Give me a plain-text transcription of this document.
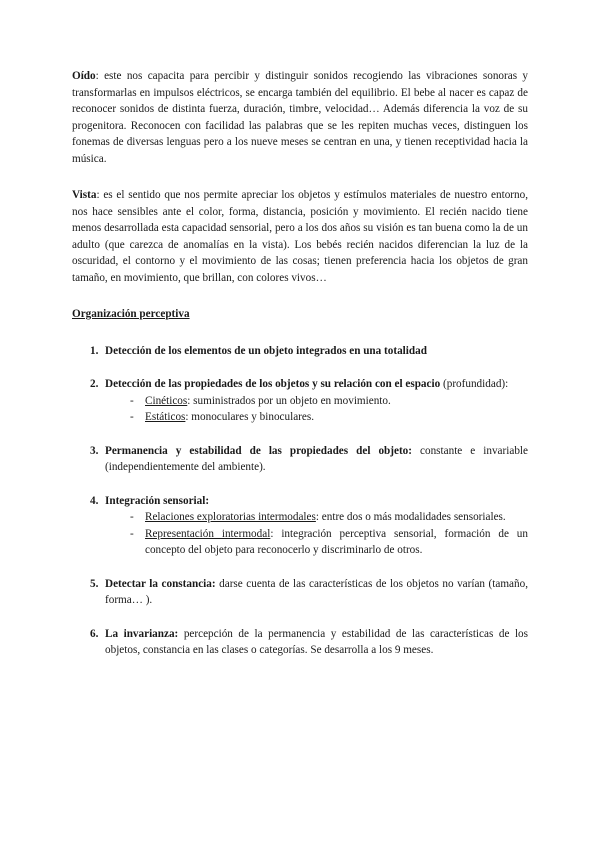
Oído: este nos capacita para percibir y distinguir sonidos recogiendo las vibraciones sonoras y transformarlas en impulsos eléctricos, se encarga también del equilibrio. El bebe al nacer es capaz de reconocer sonidos de distinta fuerza, duración, timbre, velocidad… Además diferencia la voz de su progenitora. Reconocen con facilidad las palabras que se les repiten muchas veces, distinguen los fonemas de diversas lenguas pero a los nueve meses se centran en una, y tienen receptividad hacia la música.

Vista: es el sentido que nos permite apreciar los objetos y estímulos materiales de nuestro entorno, nos hace sensibles ante el color, forma, distancia, posición y movimiento. El recién nacido tiene menos desarrollada esta capacidad sensorial, pero a los dos años su visión es tan buena como la de un adulto (que carezca de anomalías en la vista). Los bebés recién nacidos diferencian la luz de la oscuridad, el contorno y el movimiento de las cosas; tienen preferencia hacia los objetos de gran tamaño, en movimiento, que brillan, con colores vivos…

Organización perceptiva

1. Detección de los elementos de un objeto integrados en una totalidad

2. Detección de las propiedades de los objetos y su relación con el espacio (profundidad):

- Cinéticos: suministrados por un objeto en movimiento.
- Estáticos: monoculares y binoculares.
3. Permanencia y estabilidad de las propiedades del objeto: constante e invariable (independientemente del ambiente).

4. Integración sensorial:

- Relaciones exploratorias intermodales: entre dos o más modalidades sensoriales.
- Representación intermodal: integración perceptiva sensorial, formación de un concepto del objeto para reconocerlo y discriminarlo de otros.
5. Detectar la constancia: darse cuenta de las características de los objetos no varían (tamaño, forma… ).

6. La invarianza: percepción de la permanencia y estabilidad de las características de los objetos, constancia en las clases o categorías. Se desarrolla a los 9 meses.
